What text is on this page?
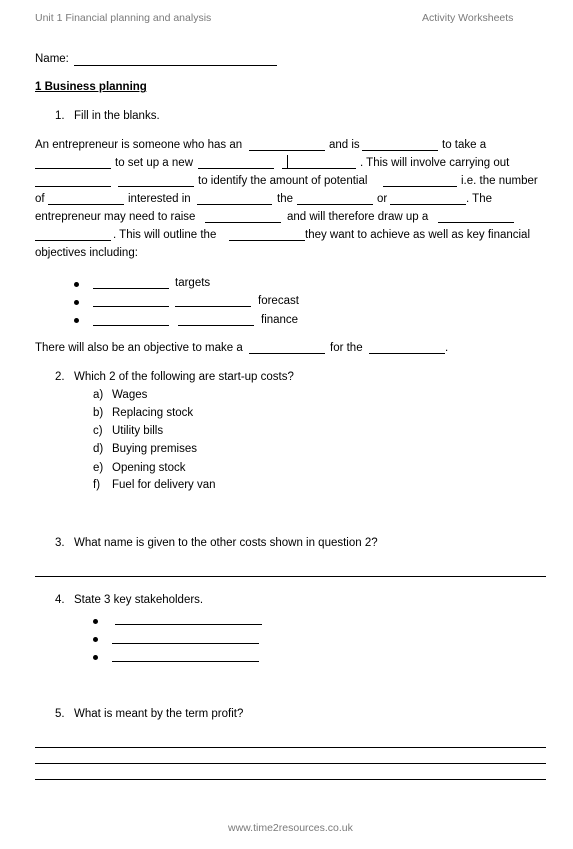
Unit 1 Financial planning and analysis	Activity Worksheets
Name:
1 Business planning
1. Fill in the blanks.
An entrepreneur is someone who has an	and is	to take a
to set up a new	. This will involve carrying out
to identify the amount of potential	i.e. the number
of	interested in	the	or	. The
entrepreneur may need to raise	and will therefore draw up a
. This will outline the	they want to achieve as well as key financial
objectives including:
targets
forecast
finance
There will also be an objective to make a	for the	.
2. Which 2 of the following are start-up costs?
a) Wages
b) Replacing stock
c) Utility bills
d) Buying premises
e) Opening stock
f) Fuel for delivery van
3. What name is given to the other costs shown in question 2?
4. State 3 key stakeholders.
5. What is meant by the term profit?
www.time2resources.co.uk
